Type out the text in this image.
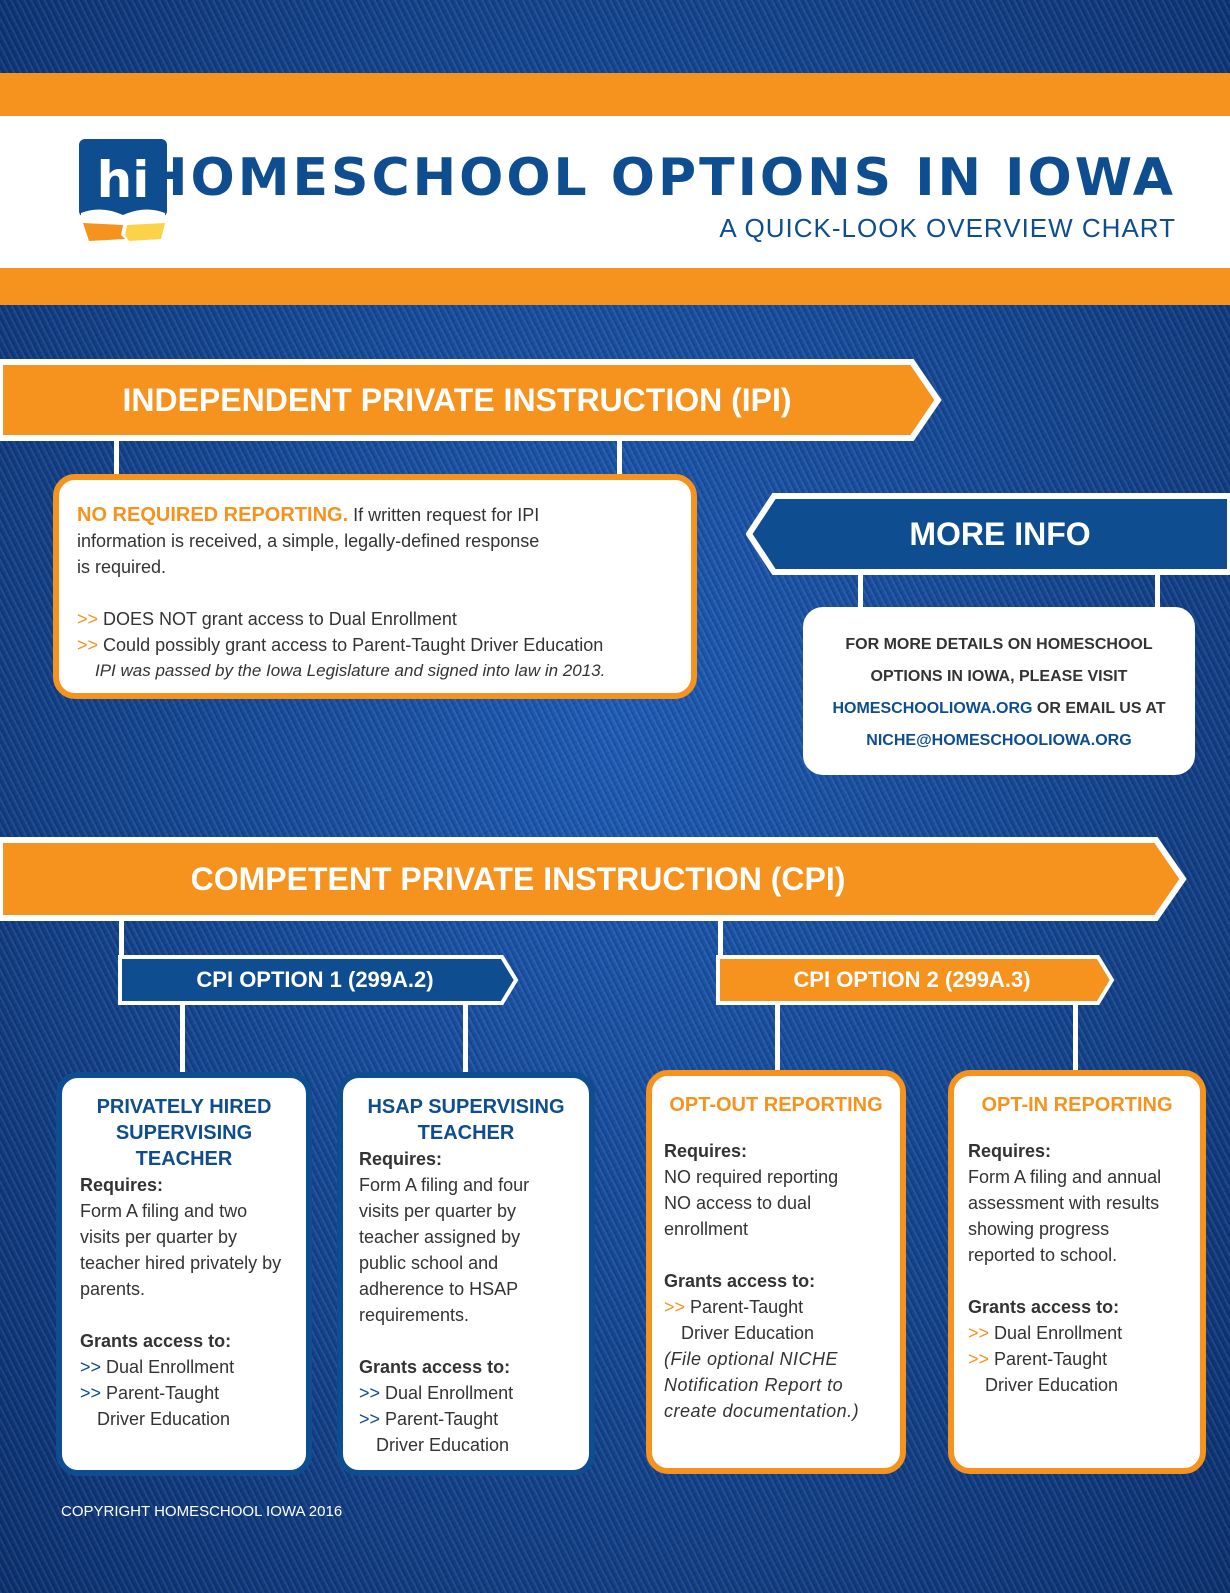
hi
HOMESCHOOL OPTIONS IN IOWA
A QUICK-LOOK OVERVIEW CHART
INDEPENDENT PRIVATE INSTRUCTION (IPI)
NO REQUIRED REPORTING. If written request for IPI
information is received, a simple, legally-defined response
is required.
>> DOES NOT grant access to Dual Enrollment
>> Could possibly grant access to Parent-Taught Driver Education
IPI was passed by the Iowa Legislature and signed into law in 2013.
MORE INFO
FOR MORE DETAILS ON HOMESCHOOL
OPTIONS IN IOWA, PLEASE VISIT
HOMESCHOOLIOWA.ORG OR EMAIL US AT
NICHE@HOMESCHOOLIOWA.ORG
COMPETENT PRIVATE INSTRUCTION (CPI)
CPI OPTION 1 (299A.2)	CPI OPTION 2 (299A.3)
PRIVATELY HIRED
SUPERVISING
TEACHER
Requires:
Form A filing and two
visits per quarter by
teacher hired privately by
parents.
Grants access to:
>> Dual Enrollment
>> Parent-Taught
Driver Education
HSAP SUPERVISING
TEACHER
Requires:
Form A filing and four
visits per quarter by
teacher assigned by
public school and
adherence to HSAP
requirements.
Grants access to:
>> Dual Enrollment
>> Parent-Taught
Driver Education
OPT-OUT REPORTING
Requires:
NO required reporting
NO access to dual
enrollment
Grants access to:
>> Parent-Taught
Driver Education
(File optional NICHE
Notification Report to
create documentation.)
OPT-IN REPORTING
Requires:
Form A filing and annual
assessment with results
showing progress
reported to school.
Grants access to:
>> Dual Enrollment
>> Parent-Taught
Driver Education
COPYRIGHT HOMESCHOOL IOWA 2016
